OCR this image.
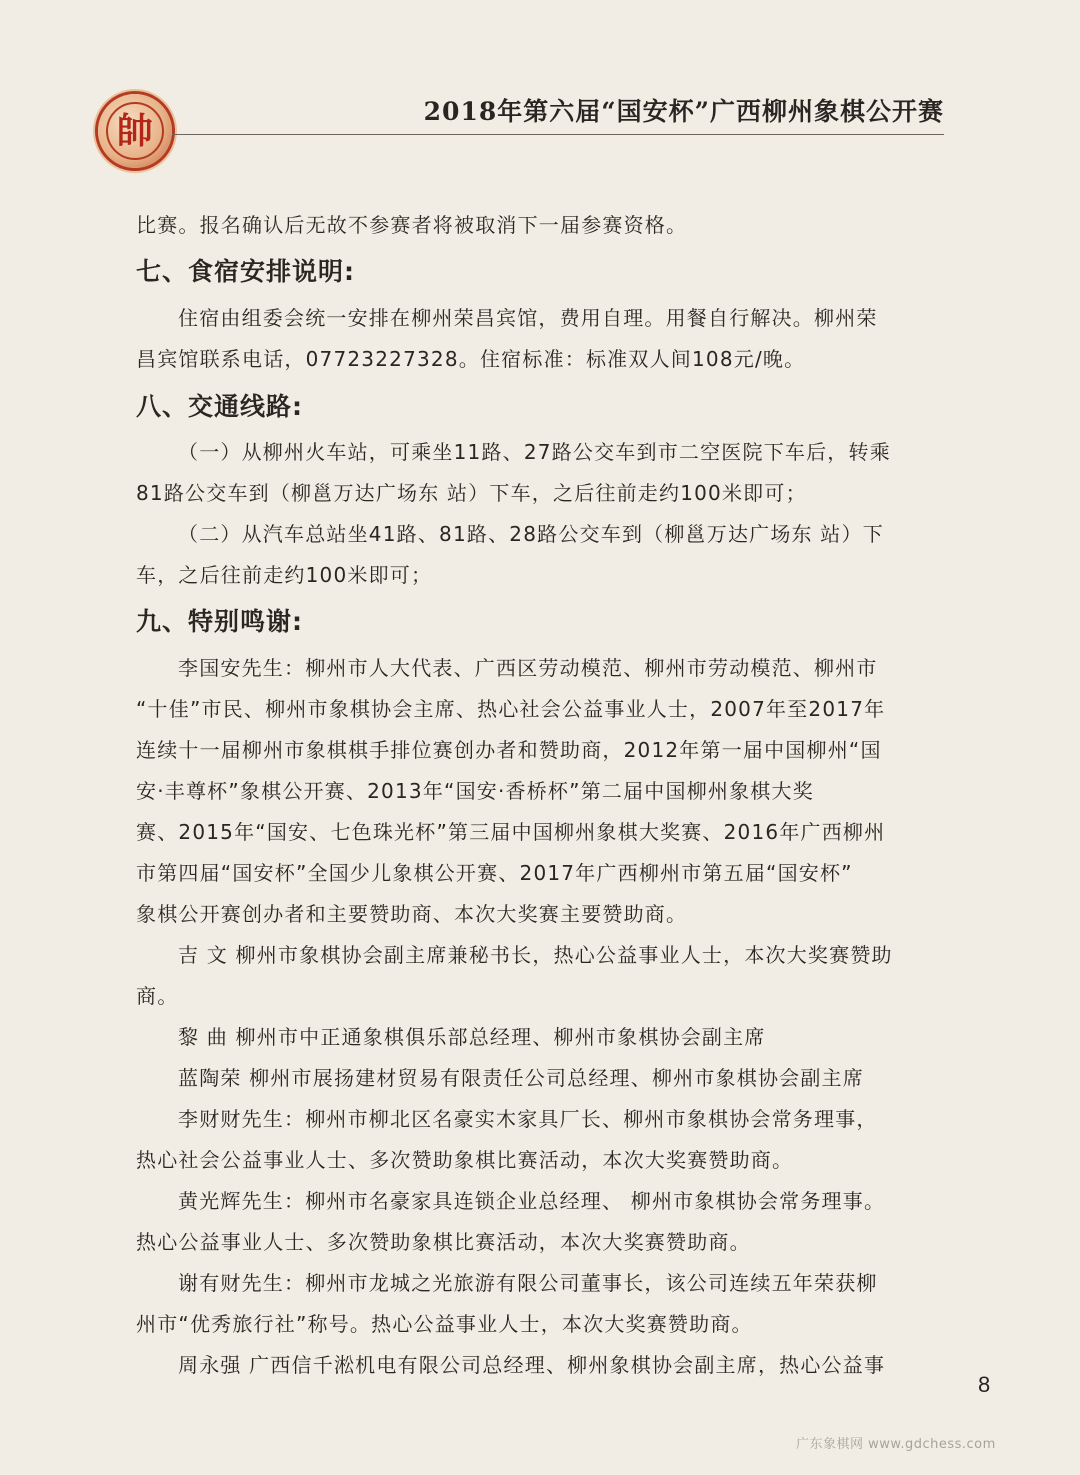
帥	2018年第六届“国安杯”广西柳州象棋公开赛
比赛。报名确认后无故不参赛者将被取消下一届参赛资格。
七、食宿安排说明:
住宿由组委会统一安排在柳州荣昌宾馆，费用自理。用餐自行解决。柳州荣
昌宾馆联系电话，07723227328。住宿标准：标准双人间108元/晚。
八、交通线路:
（一）从柳州火车站，可乘坐11路、27路公交车到市二空医院下车后，转乘
81路公交车到（柳邕万达广场东 站）下车，之后往前走约100米即可；
（二）从汽车总站坐41路、81路、28路公交车到（柳邕万达广场东 站）下
车，之后往前走约100米即可；
九、特别鸣谢:
李国安先生：柳州市人大代表、广西区劳动模范、柳州市劳动模范、柳州市
“十佳”市民、柳州市象棋协会主席、热心社会公益事业人士，2007年至2017年
连续十一届柳州市象棋棋手排位赛创办者和赞助商，2012年第一届中国柳州“国
安·丰尊杯”象棋公开赛、2013年“国安·香桥杯”第二届中国柳州象棋大奖
赛、2015年“国安、七色珠光杯”第三届中国柳州象棋大奖赛、2016年广西柳州
市第四届“国安杯”全国少儿象棋公开赛、2017年广西柳州市第五届“国安杯”
象棋公开赛创办者和主要赞助商、本次大奖赛主要赞助商。
吉 文 柳州市象棋协会副主席兼秘书长，热心公益事业人士，本次大奖赛赞助
商。
黎 曲 柳州市中正通象棋俱乐部总经理、柳州市象棋协会副主席
蓝陶荣 柳州市展扬建材贸易有限责任公司总经理、柳州市象棋协会副主席
李财财先生：柳州市柳北区名豪实木家具厂长、柳州市象棋协会常务理事，
热心社会公益事业人士、多次赞助象棋比赛活动，本次大奖赛赞助商。
黄光辉先生：柳州市名豪家具连锁企业总经理、 柳州市象棋协会常务理事。
热心公益事业人士、多次赞助象棋比赛活动，本次大奖赛赞助商。
谢有财先生：柳州市龙城之光旅游有限公司董事长，该公司连续五年荣获柳
州市“优秀旅行社”称号。热心公益事业人士，本次大奖赛赞助商。
周永强 广西信千淞机电有限公司总经理、柳州象棋协会副主席，热心公益事
8
广东象棋网 www.gdchess.com
